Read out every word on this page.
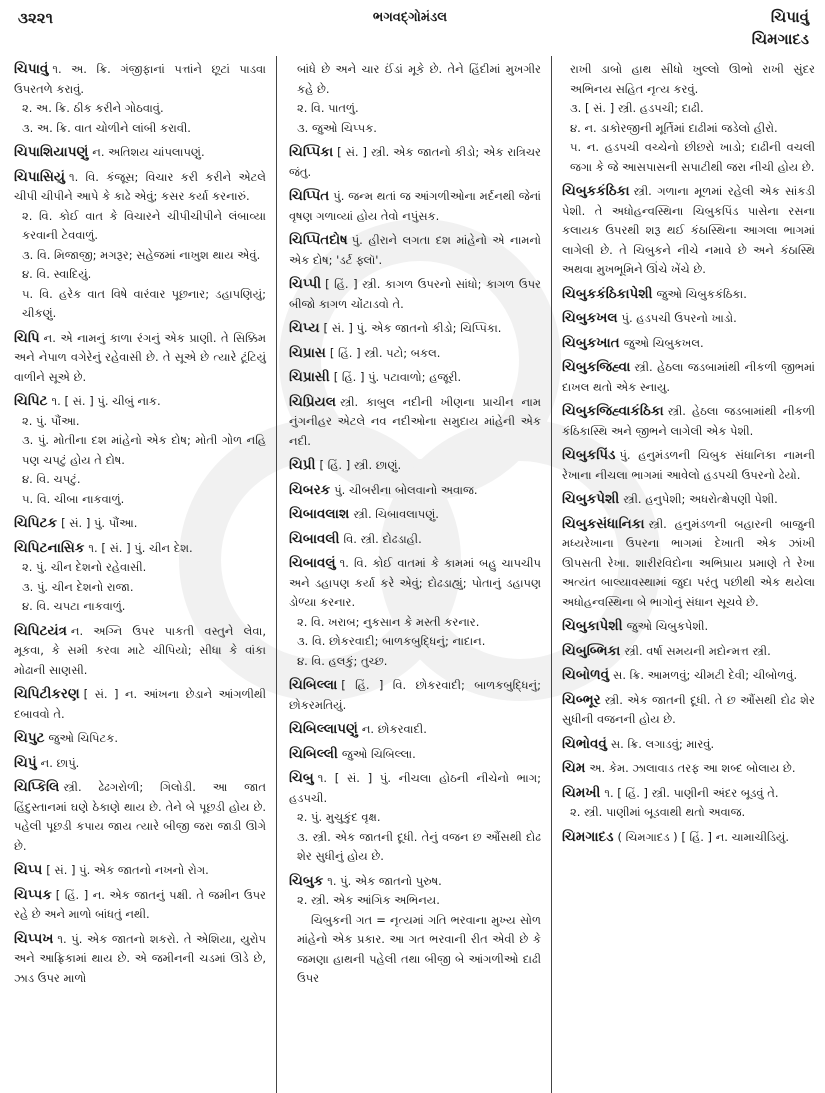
૩૨૨૧	ભગવદ્ગોમંડલ	ચિપાવું
ચિમગાદડ
ચિપાવું ૧. અ. ક્રિ. ગંજીફાનાં પત્તાંને છૂટાં પાડવા ઉપરતળે કરાવું.
૨. અ. ક્રિ. ઠીક કરીને ગોઠવાવું.
૩. અ. ક્રિ. વાત ચોળીને લાંબી કરાવી.
ચિપાશિયાપણું ન. અતિશય ચાંપલાપણું.
ચિપાસિયું ૧. વિ. કંજૂસ; વિચાર કરી કરીને એટલે ચીપી ચીપીને આપે કે કાઢે એવું; કસર કર્યા કરનારું.
૨. વિ. કોઈ વાત કે વિચારને ચીપીચીપીને લંબાવ્યા કરવાની ટેવવાળું.
૩. વિ. મિજાજી; મગરૂર; સહેજમાં નાખુશ થાય એવું.
૪. વિ. સ્વાદિયું.
૫. વિ. હરેક વાત વિષે વારંવાર પૂછનાર; ડહાપણિયું; ચીકણું.
ચિપિ ન. એ નામનું કાળા રંગનું એક પ્રાણી. તે સિક્કિમ અને નેપાળ વગેરેનું રહેવાસી છે. તે સૂએ છે ત્યારે ટૂંટિયું વાળીને સૂએ છે.
ચિપિટ ૧. [ સં. ] પું. ચીબું નાક.
૨. પું. પૌંઆ.
૩. પું. મોતીના દશ માંહેનો એક દોષ; મોતી ગોળ નહિ પણ ચપટું હોય તે દોષ.
૪. વિ. ચપટું.
૫. વિ. ચીબા નાકવાળું.
ચિપિટક [ સં. ] પું. પૌંઆ.
ચિપિટનાસિક ૧. [ સં. ] પું. ચીન દેશ.
૨. પું. ચીન દેશનો રહેવાસી.
૩. પું. ચીન દેશનો રાજા.
૪. વિ. ચપટા નાકવાળું.
ચિપિટયંત્ર ન. અગ્નિ ઉપર પાકતી વસ્તુને લેવા, મૂકવા, કે સમી કરવા માટે ચીપિયો; સીધા કે વાંકા મોઢાની સાણસી.
ચિપિટીકરણ [ સં. ] ન. આંખના છેડાને આંગળીથી દબાવવો તે.
ચિપુટ જુઓ ચિપિટક.
ચિપું ન. છાપું.
ચિપ્કિલિ સ્ત્રી. ઢેઢગરોળી; ગિલોડી. આ જાત હિંદુસ્તાનમાં ઘણે ઠેકાણે થાય છે. તેને બે પૂછડી હોય છે. પહેલી પૂછડી કપાય જાય ત્યારે બીજી જરા જાડી ઊગે છે.
ચિપ્પ [ સં. ] પું. એક જાતનો નખનો રોગ.
ચિપ્પક [ હિં. ] ન. એક જાતનું પક્ષી. તે જમીન ઉપર રહે છે અને માળો બાંધતું નથી.
ચિપ્પખ ૧. પું. એક જાતનો શકરો. તે એશિયા, યુરોપ અને આફ્રિકામાં થાય છે. એ જમીનની ચડમાં ઊડે છે, ઝાડ ઉપર માળો
બાંધે છે અને ચાર ઈંડાં મૂકે છે. તેને હિંદીમાં મુખગીર કહે છે.
૨. વિ. પાતળું.
૩. જુઓ ચિપ્પક.
ચિપ્પિકા [ સં. ] સ્ત્રી. એક જાતનો કીડો; એક રાત્રિચર જંતુ.
ચિપ્પિત પું. જન્મ થતાં જ આંગળીઓના મર્દનથી જેનાં વૃષણ ગળાવ્યાં હોય તેવો નપુંસક.
ચિપ્પિતદોષ પું. હીરાને લગતા દશ માંહેનો એ નામનો એક દોષ; 'ડર્ટ ફ્લૉ'.
ચિપ્પી [ હિં. ] સ્ત્રી. કાગળ ઉપરનો સાંધો; કાગળ ઉપર બીજો કાગળ ચોંટાડવો તે.
ચિપ્ય [ સં. ] પું. એક જાતનો કીડો; ચિપ્પિકા.
ચિપ્રાસ [ હિં. ] સ્ત્રી. પટો; બકલ.
ચિપ્રાસી [ હિં. ] પું. પટાવાળો; હજૂરી.
ચિપ્રિયલ સ્ત્રી. કાબુલ નદીની ખીણના પ્રાચીન નામ નુંગનીહર એટલે નવ નદીઓના સમુદાય માંહેની એક નદી.
ચિપ્રી [ હિં. ] સ્ત્રી. છાણું.
ચિબરક પું. ચીબરીના બોલવાનો અવાજ.
ચિબાવલાશ સ્ત્રી. ચિબાવલાપણું.
ચિબાવલી વિ. સ્ત્રી. દોઢડાહી.
ચિબાવલું ૧. વિ. કોઈ વાતમાં કે કામમાં બહુ ચાપચીપ અને ડહાપણ કર્યા કરે એવું; દોઢડાહ્યું; પોતાનું ડહાપણ ડોળ્યા કરનાર.
૨. વિ. ખરાબ; નુકસાન કે મસ્તી કરનાર.
૩. વિ. છોકરવાદી; બાળકબુદ્ધિનું; નાદાન.
૪. વિ. હલકું; તુચ્છ.
ચિબિલ્લા [ હિં. ] વિ. છોકરવાદી; બાળકબુદ્ધિનું; છોકરમતિયું.
ચિબિલ્લાપણું ન. છોકરવાદી.
ચિબિલ્લી જુઓ ચિબિલ્લા.
ચિબુ ૧. [ સં. ] પું. નીચલા હોઠની નીચેનો ભાગ; હડપચી.
૨. પું. મુચુકુંદ વૃક્ષ.
૩. સ્ત્રી. એક જાતની દૂધી. તેનું વજન છ ઔંસથી દોઢ શેર સુધીનું હોય છે.
ચિબુક ૧. પું. એક જાતનો પુરુષ.
૨. સ્ત્રી. એક આંગિક અભિનય.
ચિબુકની ગત = નૃત્યમાં ગતિ ભરવાના મુખ્ય સોળ માંહેનો એક પ્રકાર. આ ગત ભરવાની રીત એવી છે કે જમણા હાથની પહેલી તથા બીજી બે આંગળીઓ દાઢી ઉપર
રાખી ડાબો હાથ સીધો ખુલ્લો ઊભો રાખી સુંદર અભિનય સહિત નૃત્ય કરવું.
૩. [ સં. ] સ્ત્રી. હડપચી; દાઢી.
૪. ન. ડાકોરજીની મૂર્તિમાં દાઢીમાં જડેલો હીરો.
૫. ન. હડપચી વચ્ચેનો છીછરો ખાડો; દાઢીની વચલી જગા કે જે આસપાસની સપાટીથી જરા નીચી હોય છે.
ચિબુકકંઠિકા સ્ત્રી. ગળાના મૂળમાં રહેલી એક સાંકડી પેશી. તે અધોહન્વસ્થિના ચિબુકપિંડ પાસેના રસના કલાયક ઉપરથી શરૂ થઈ કંઠાસ્થિના આગલા ભાગમાં લાગેલી છે. તે ચિબુકને નીચે નમાવે છે અને કંઠાસ્થિ અથવા મુખભૂમિને ઊંચે ખેંચે છે.
ચિબુકકંઠિકાપેશી જુઓ ચિબુકકંઠિકા.
ચિબુકખલ પું. હડપચી ઉપરનો ખાડો.
ચિબુકખાત જુઓ ચિબુકખલ.
ચિબુકજિહ્વા સ્ત્રી. હેઠલા જડબામાંથી નીકળી જીભમાં દાખલ થતો એક સ્નાયુ.
ચિબુકજિહ્વાકંઠિકા સ્ત્રી. હેઠલા જડબામાંથી નીકળી કંઠિકાસ્થિ અને જીભને લાગેલી એક પેશી.
ચિબુકપિંડ પું. હનુમંડળની ચિબુક સંધાનિકા નામની રેખાના નીચલા ભાગમાં આવેલો હડપચી ઉપરનો ઢેયો.
ચિબુકપેશી સ્ત્રી. હનુપેશી; અધરોત્ક્ષેપણી પેશી.
ચિબુકસંધાનિકા સ્ત્રી. હનુમંડળની બહારની બાજુની મધ્યરેખાના ઉપરના ભાગમાં દેખાતી એક ઝાંખી ઊપસતી રેખા. શારીરવિદોના અભિપ્રાય પ્રમાણે તે રેખા અત્યંત બાલ્યાવસ્થામાં જુદા પરંતુ પછીથી એક થયેલા અધોહન્વસ્થિના બે ભાગોનું સંધાન સૂચવે છે.
ચિબુકાપેશી જુઓ ચિબુકપેશી.
ચિબુબ્ભિકા સ્ત્રી. વર્ષા સમયની મદોન્મત્ત સ્ત્રી.
ચિબોળવું સ. ક્રિ. આમળવું; ચીમટી દેવી; ચીબોળવું.
ચિબ્ભૂર સ્ત્રી. એક જાતની દૂધી. તે છ ઔંસથી દોઢ શેર સુધીની વજનની હોય છે.
ચિભોવવું સ. ક્રિ. લગાડવું; મારવું.
ચિમ અ. કેમ. ઝાલાવાડ તરફ આ શબ્દ બોલાય છે.
ચિમખી ૧. [ હિં. ] સ્ત્રી. પાણીની અંદર બૂડવું તે.
૨. સ્ત્રી. પાણીમાં બૂડવાથી થતો અવાજ.
ચિમગાદડ ( ચિમગાદડ ) [ હિં. ] ન. ચામાચીડિયું.
